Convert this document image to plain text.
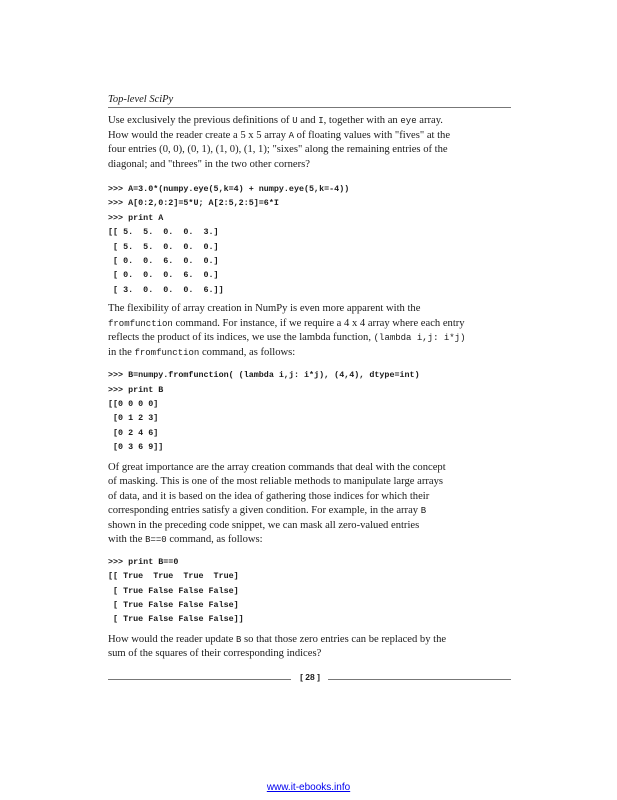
Top-level SciPy

Use exclusively the previous definitions of U and I, together with an eye array.
How would the reader create a 5 x 5 array A of floating values with "fives" at the
four entries (0, 0), (0, 1), (1, 0), (1, 1); "sixes" along the remaining entries of the
diagonal; and "threes" in the two other corners?

>>> A=3.0*(numpy.eye(5,k=4) + numpy.eye(5,k=-4))
>>> A[0:2,0:2]=5*U; A[2:5,2:5]=6*I
>>> print A
[[ 5.  5.  0.  0.  3.]
[ 5.  5.  0.  0.  0.]
[ 0.  0.  6.  0.  0.]
[ 0.  0.  0.  6.  0.]
[ 3.  0.  0.  0.  6.]]

The flexibility of array creation in NumPy is even more apparent with the
fromfunction command. For instance, if we require a 4 x 4 array where each entry
reflects the product of its indices, we use the lambda function, (lambda i,j: i*j)
in the fromfunction command, as follows:

>>> B=numpy.fromfunction( (lambda i,j: i*j), (4,4), dtype=int)
>>> print B
[[0 0 0 0]
[0 1 2 3]
[0 2 4 6]
[0 3 6 9]]

Of great importance are the array creation commands that deal with the concept
of masking. This is one of the most reliable methods to manipulate large arrays
of data, and it is based on the idea of gathering those indices for which their
corresponding entries satisfy a given condition. For example, in the array B
shown in the preceding code snippet, we can mask all zero-valued entries
with the B==0 command, as follows:

>>> print B==0
[[ True  True  True  True]
[ True False False False]
[ True False False False]
[ True False False False]]

How would the reader update B so that those zero entries can be replaced by the
sum of the squares of their corresponding indices?

[ 28 ]
www.it-ebooks.info
